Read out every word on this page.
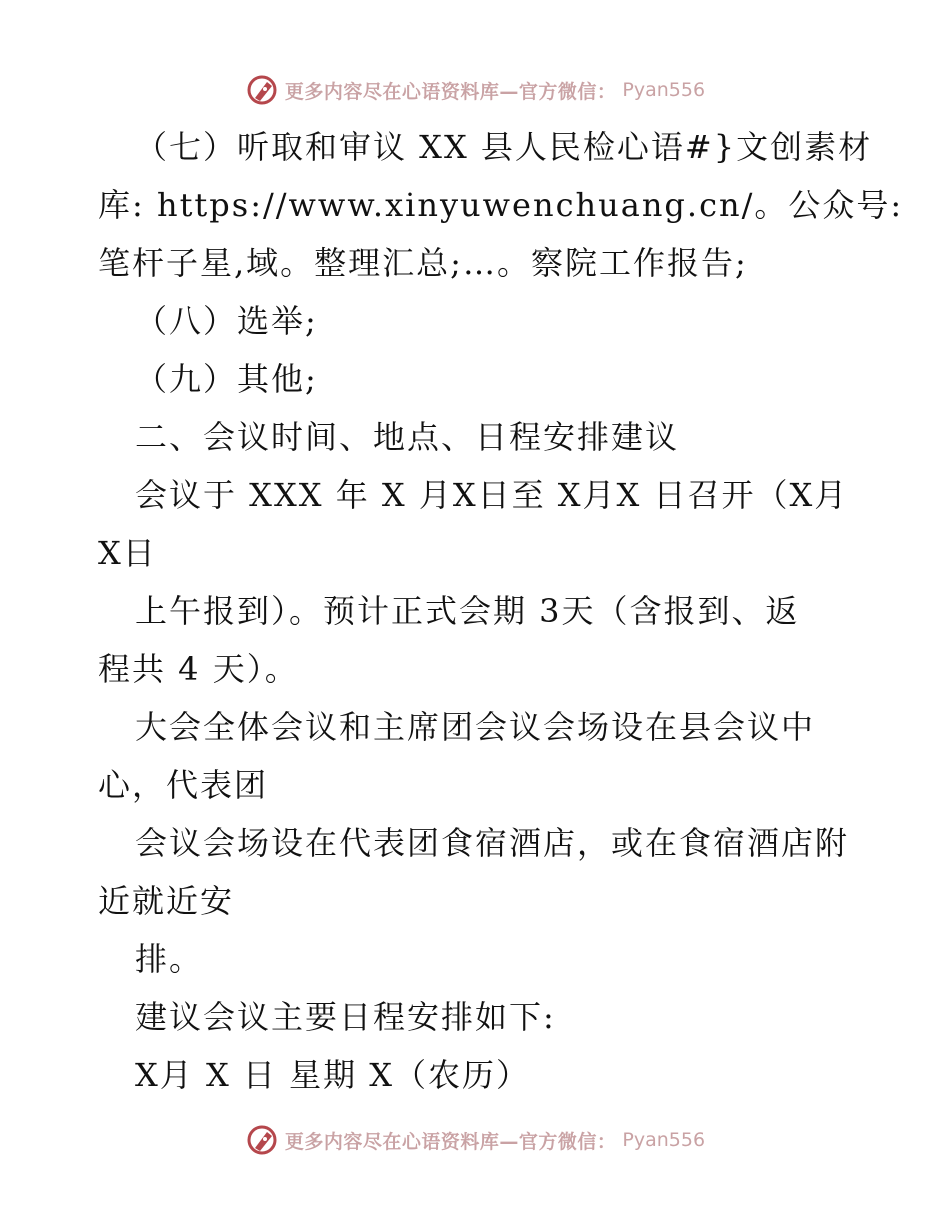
更多内容尽在心语资料库—官方微信： Pyan556
（七）听取和审议 XX 县人民检心语#}文创素材
库: https://www.xinyuwenchuang.cn/。公众号:
笔杆子星,域。整理汇总;…。察院工作报告;
（八）选举;
（九）其他;
二、会议时间、地点、日程安排建议
会议于 XXX 年 X 月X日至 X月X 日召开（X月
X日
上午报到）。预计正式会期 3天（含报到、返
程共 4 天）。
大会全体会议和主席团会议会场设在县会议中
心，代表团
会议会场设在代表团食宿酒店，或在食宿酒店附
近就近安
排。
建议会议主要日程安排如下:
X月 X 日 星期 X（农历）
更多内容尽在心语资料库—官方微信： Pyan556
